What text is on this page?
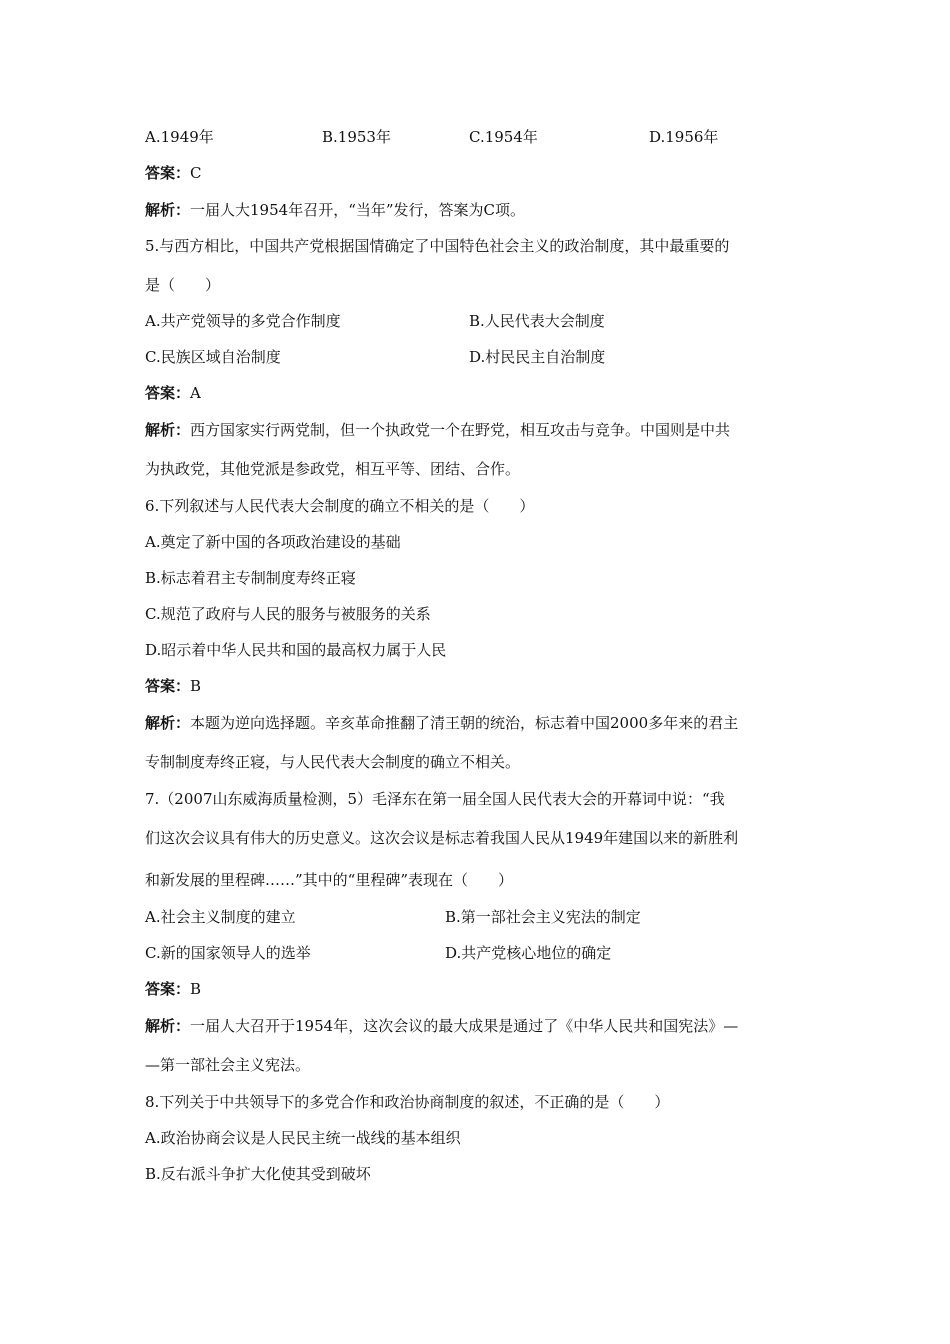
A.1949年	B.1953年	C.1954年	D.1956年
答案：C
解析：一届人大1954年召开，“当年”发行，答案为C项。
5.与西方相比，中国共产党根据国情确定了中国特色社会主义的政治制度，其中最重要的
是（　　）
A.共产党领导的多党合作制度	B.人民代表大会制度
C.民族区域自治制度	D.村民民主自治制度
答案：A
解析：西方国家实行两党制，但一个执政党一个在野党，相互攻击与竞争。中国则是中共
为执政党，其他党派是参政党，相互平等、团结、合作。
6.下列叙述与人民代表大会制度的确立不相关的是（　　）
A.奠定了新中国的各项政治建设的基础
B.标志着君主专制制度寿终正寝
C.规范了政府与人民的服务与被服务的关系
D.昭示着中华人民共和国的最高权力属于人民
答案：B
解析：本题为逆向选择题。辛亥革命推翻了清王朝的统治，标志着中国2000多年来的君主
专制制度寿终正寝，与人民代表大会制度的确立不相关。
7.（2007山东威海质量检测，5）毛泽东在第一届全国人民代表大会的开幕词中说：“我
们这次会议具有伟大的历史意义。这次会议是标志着我国人民从1949年建国以来的新胜利
和新发展的里程碑……”其中的“里程碑”表现在（　　）
A.社会主义制度的建立	B.第一部社会主义宪法的制定
C.新的国家领导人的选举	D.共产党核心地位的确定
答案：B
解析：一届人大召开于1954年，这次会议的最大成果是通过了《中华人民共和国宪法》—
—第一部社会主义宪法。
8.下列关于中共领导下的多党合作和政治协商制度的叙述，不正确的是（　　）
A.政治协商会议是人民民主统一战线的基本组织
B.反右派斗争扩大化使其受到破坏
